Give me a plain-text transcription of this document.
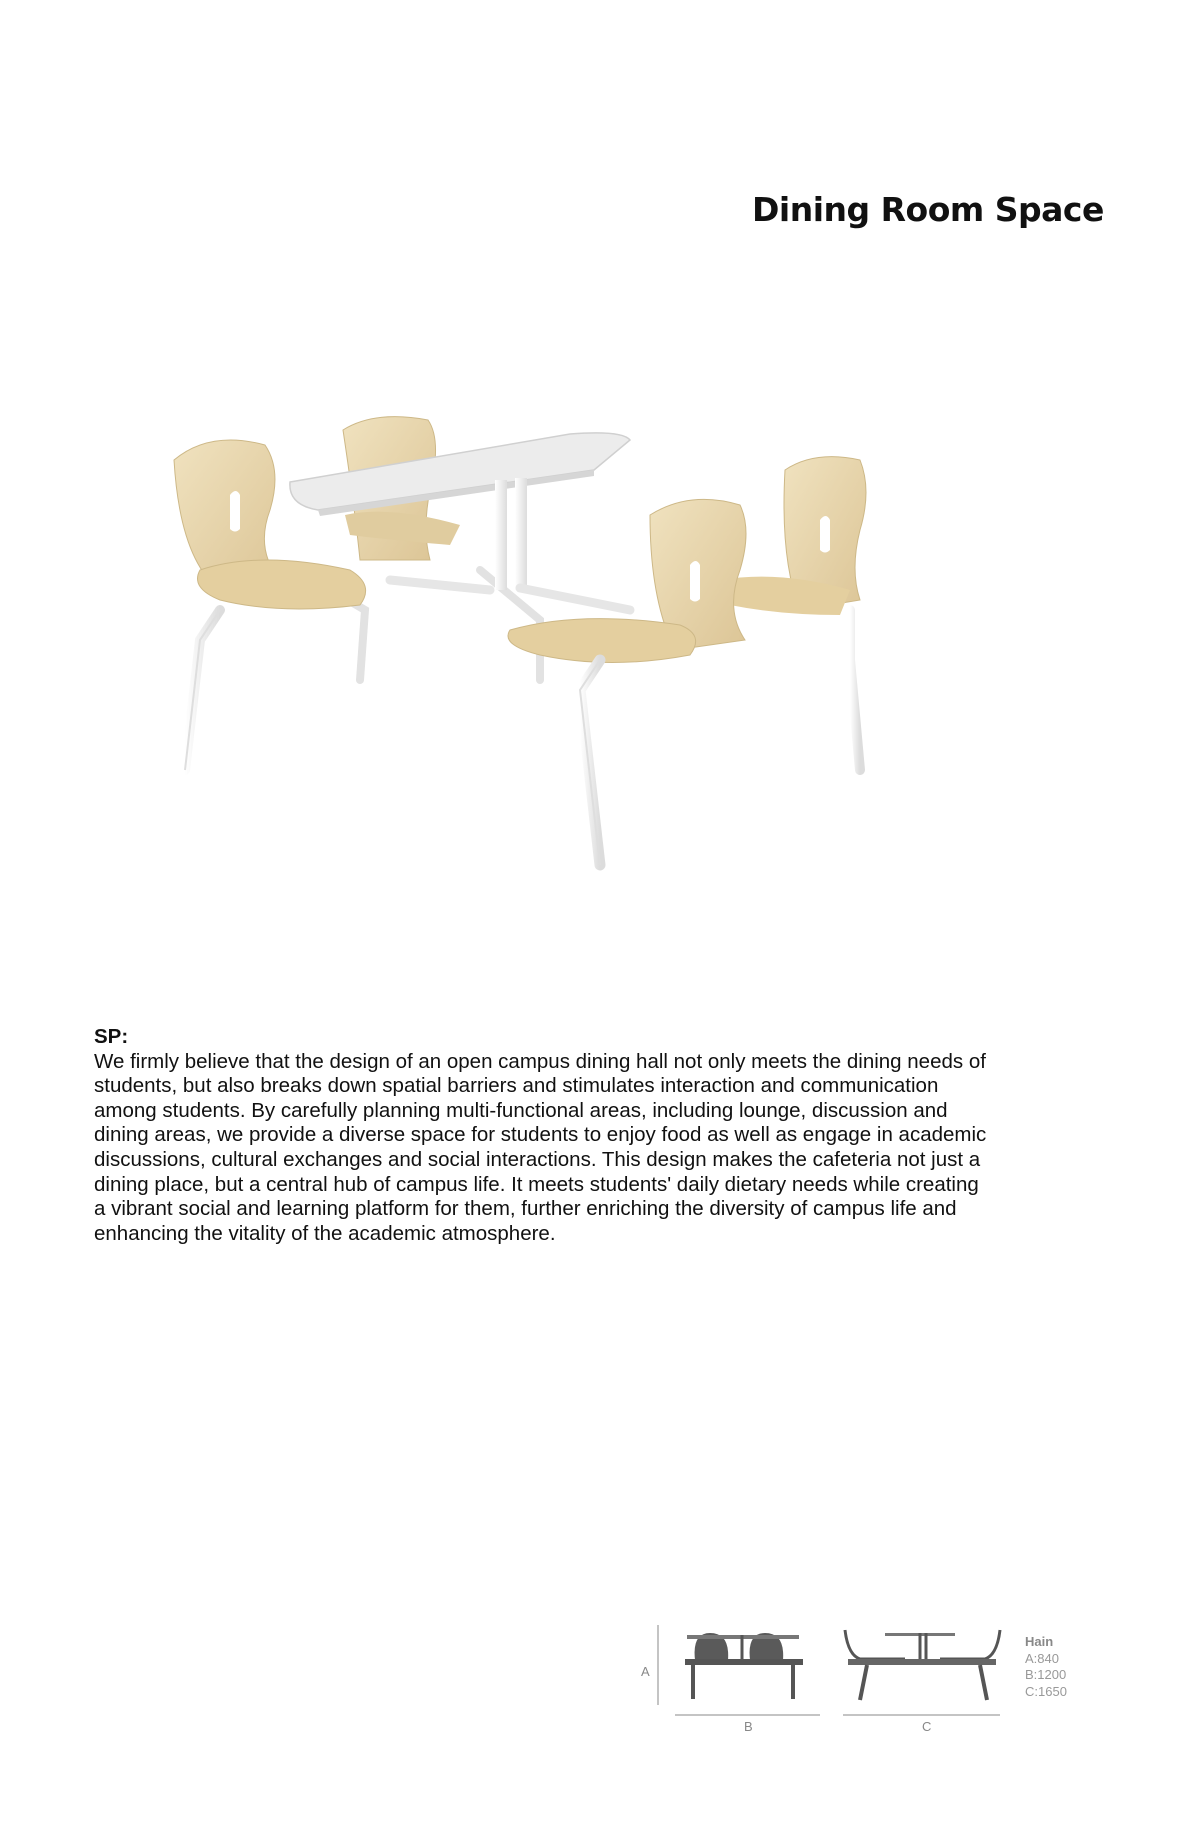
Dining Room Space
SP:

We firmly believe that the design of an open campus dining hall not only meets the dining needs of students, but also breaks down spatial barriers and stimulates interaction and communication among students. By carefully planning multi-functional areas, including lounge, discussion and dining areas, we provide a diverse space for students to enjoy food as well as engage in academic discussions, cultural exchanges and social interactions. This design makes the cafeteria not just a dining place, but a central hub of campus life. It meets students' daily dietary needs while creating a vibrant social and learning platform for them, further enriching the diversity of campus life and enhancing the vitality of the academic atmosphere.

A
B	C
Hain
A:840
B:1200
C:1650
